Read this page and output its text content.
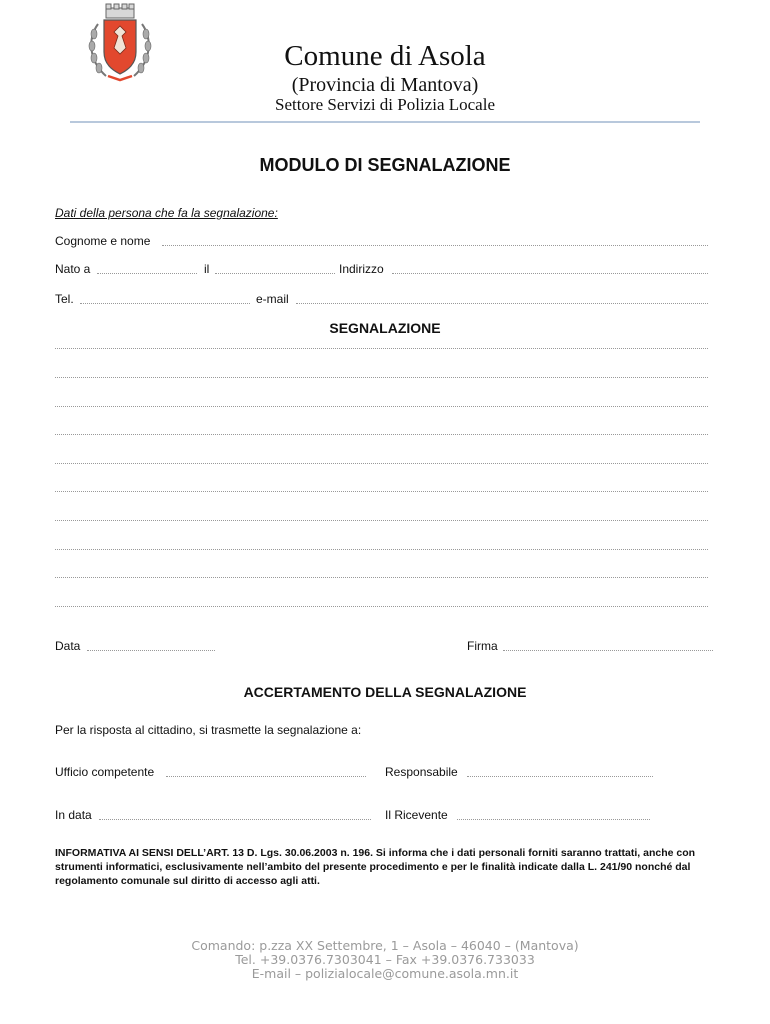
Comune di Asola
(Provincia di Mantova)
Settore Servizi di Polizia Locale
MODULO DI SEGNALAZIONE
Dati della persona che fa la segnalazione:
Cognome e nome
Nato a	il	Indirizzo
Tel.	e-mail
SEGNALAZIONE
Data	Firma
ACCERTAMENTO DELLA SEGNALAZIONE
Per la risposta al cittadino, si trasmette la segnalazione a:
Ufficio competente	Responsabile
In data	Il Ricevente
INFORMATIVA AI SENSI DELL’ART. 13 D. Lgs. 30.06.2003 n. 196. Si informa che i dati personali forniti saranno trattati, anche con strumenti informatici, esclusivamente nell’ambito del presente procedimento e per le finalità indicate dalla L. 241/90 nonché dal regolamento comunale sul diritto di accesso agli atti.
Comando: p.zza XX Settembre, 1 – Asola – 46040 – (Mantova)
Tel. +39.0376.7303041 – Fax +39.0376.733033
E-mail – polizialocale@comune.asola.mn.it
